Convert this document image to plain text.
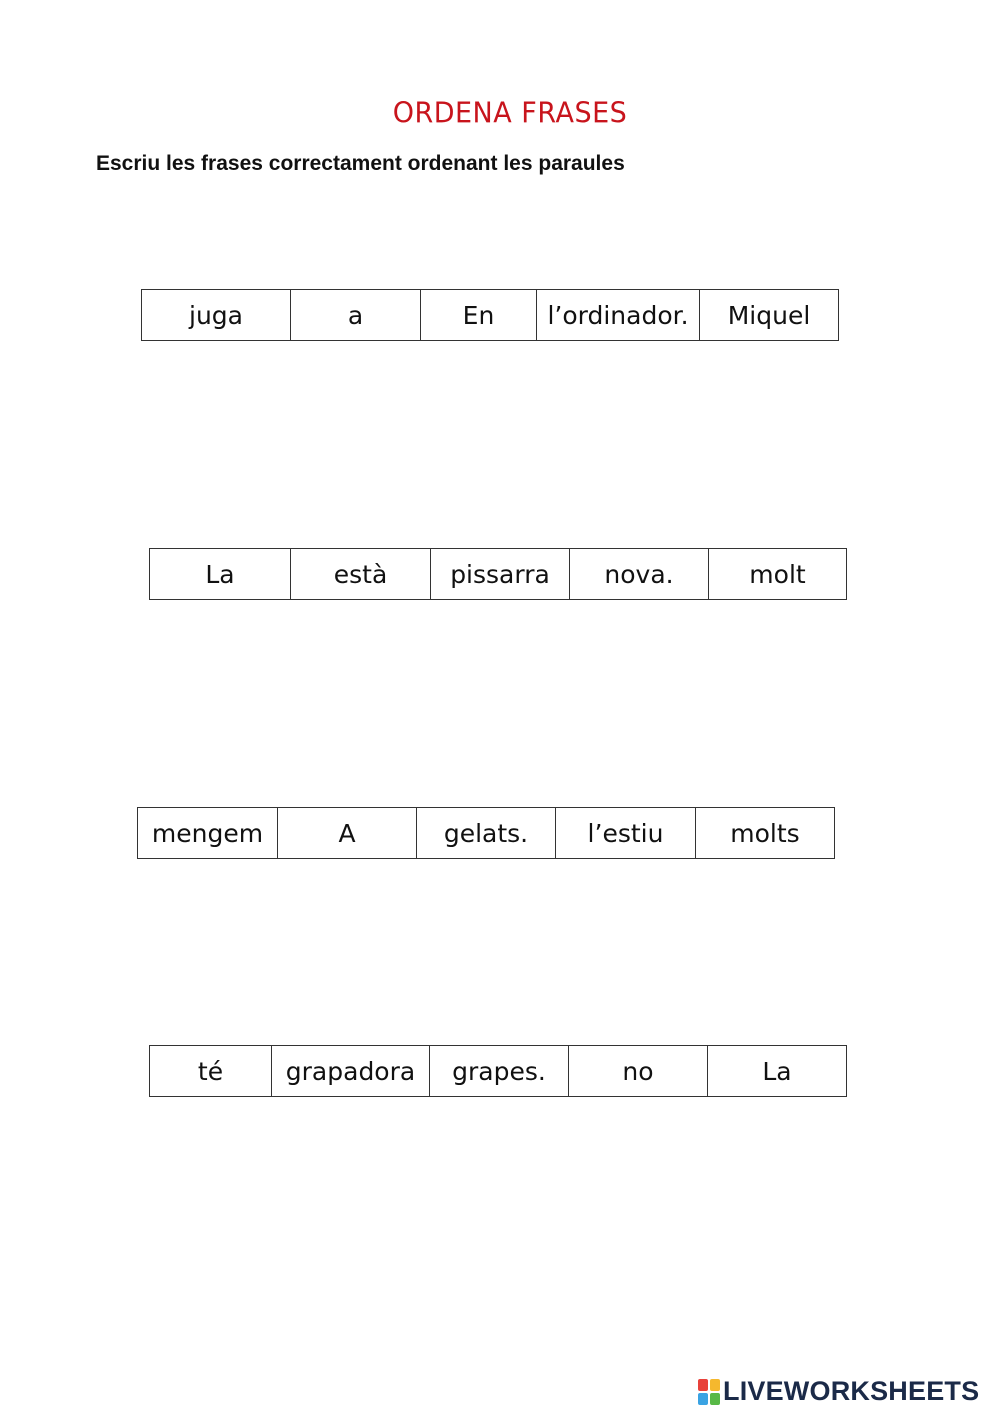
ORDENA FRASES
Escriu les frases correctament ordenant les paraules
juga	a	En	l’ordinador.	Miquel
La	està	pissarra	nova.	molt
mengem	A	gelats.	l’estiu	molts
té	grapadora	grapes.	no	La
LIVEWORKSHEETS
